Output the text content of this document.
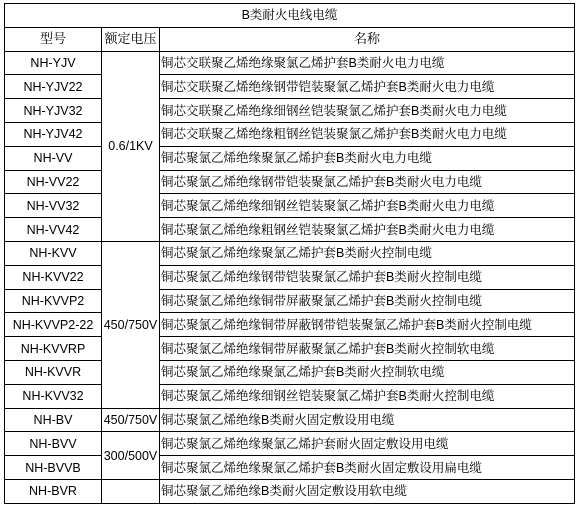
B类耐火电线电缆		
型号	额定电压	名称
NH-YJV	0.6/1KV	铜芯交联聚乙烯绝缘聚氯乙烯护套B类耐火电力电缆
NH-YJV22		铜芯交联聚乙烯绝缘钢带铠装聚氯乙烯护套B类耐火电力电缆
NH-YJV32		铜芯交联聚乙烯绝缘细钢丝铠装聚氯乙烯护套B类耐火电力电缆
NH-YJV42		铜芯交联聚乙烯绝缘粗钢丝铠装聚氯乙烯护套B类耐火电力电缆
NH-VV		铜芯聚氯乙烯绝缘聚氯乙烯护套B类耐火电力电缆
NH-VV22		铜芯聚氯乙烯绝缘钢带铠装聚氯乙烯护套B类耐火电力电缆
NH-VV32		铜芯聚氯乙烯绝缘细钢丝铠装聚氯乙烯护套B类耐火电力电缆
NH-VV42		铜芯聚氯乙烯绝缘粗钢丝铠装聚氯乙烯护套B类耐火电力电缆
NH-KVV	450/750V	铜芯聚氯乙烯绝缘聚氯乙烯护套B类耐火控制电缆
NH-KVV22		铜芯聚氯乙烯绝缘钢带铠装聚氯乙烯护套B类耐火控制电缆
NH-KVVP2		铜芯聚氯乙烯绝缘铜带屏蔽聚氯乙烯护套B类耐火控制电缆
NH-KVVP2-22		铜芯聚氯乙烯绝缘铜带屏蔽钢带铠装聚氯乙烯护套B类耐火控制电缆
NH-KVVRP		铜芯聚氯乙烯绝缘铜带屏蔽聚氯乙烯护套B类耐火控制软电缆
NH-KVVR		铜芯聚氯乙烯绝缘聚氯乙烯护套B类耐火控制软电缆
NH-KVV32		铜芯聚氯乙烯绝缘细钢丝铠装聚氯乙烯护套B类耐火控制电缆
NH-BV	450/750V	铜芯聚氯乙烯绝缘B类耐火固定敷设用电缆
NH-BVV	300/500V	铜芯聚氯乙烯绝缘聚氯乙烯护套耐火固定敷设用电缆
NH-BVVB		铜芯聚氯乙烯绝缘聚氯乙烯护套B类耐火固定敷设用扁电缆
NH-BVR		铜芯聚氯乙烯绝缘B类耐火固定敷设用软电缆
